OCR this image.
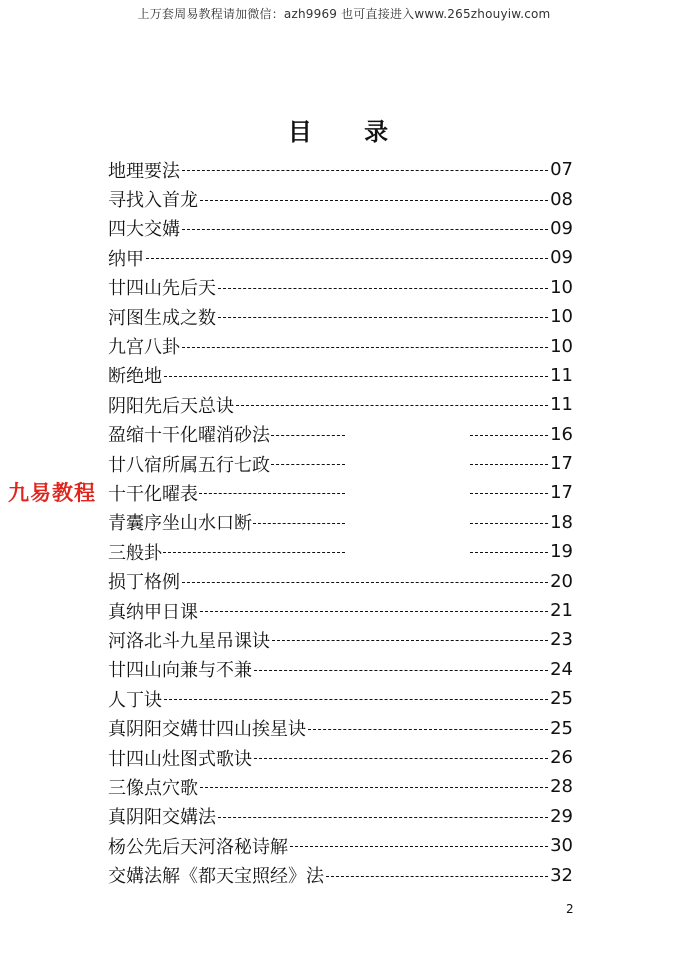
上万套周易教程请加微信：azh9969 也可直接进入www.265zhouyiw.com
目 录
九易教程
地理要法	07
寻找入首龙	08
四大交媾	09
纳甲	09
廿四山先后天	10
河图生成之数	10
九宫八卦	10
断绝地	11
阴阳先后天总诀	11
盈缩十干化曜消砂法	16
廿八宿所属五行七政	17
十干化曜表	17
青囊序坐山水口断	18
三般卦	19
损丁格例	20
真纳甲日课	21
河洛北斗九星吊课诀	23
廿四山向兼与不兼	24
人丁诀	25
真阴阳交媾廿四山挨星诀	25
廿四山灶图式歌诀	26
三像点穴歌	28
真阴阳交媾法	29
杨公先后天河洛秘诗解	30
交媾法解《都天宝照经》法	32
2
